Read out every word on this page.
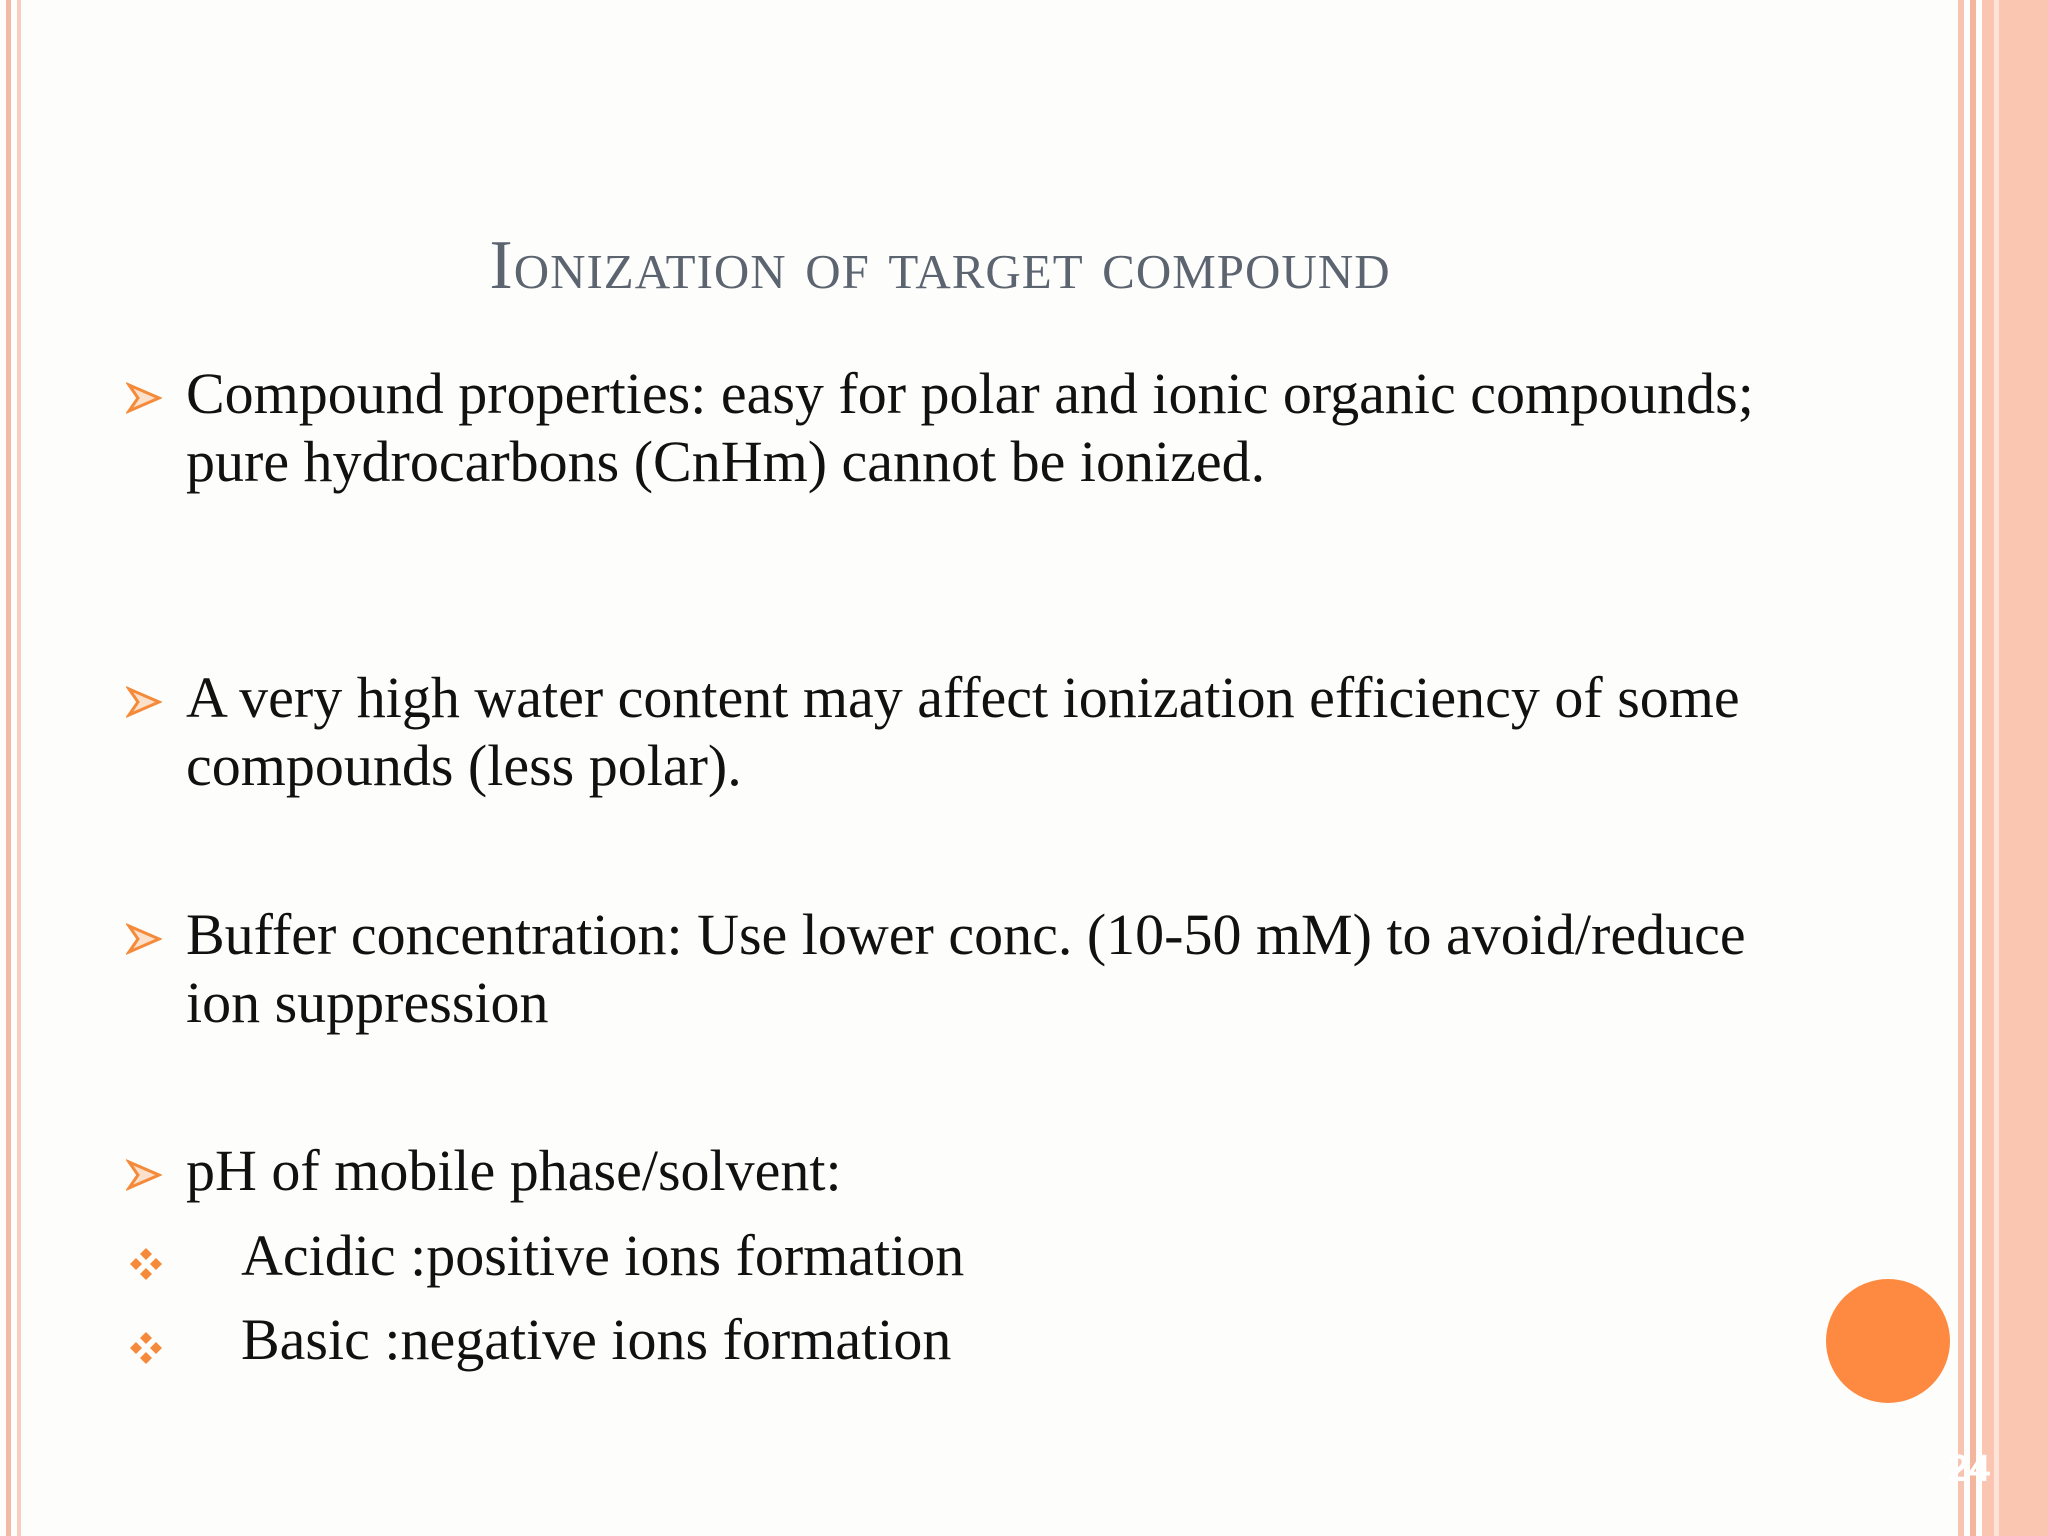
Ionization of target compound
Compound properties: easy for polar and ionic organic compounds; pure hydrocarbons (CnHm) cannot be ionized.
A very high water content may affect ionization efficiency of some compounds (less polar).
Buffer concentration: Use lower conc. (10-50 mM) to avoid/reduce ion suppression
pH of mobile phase/solvent:
Acidic :positive ions formation
Basic :negative ions formation
24
